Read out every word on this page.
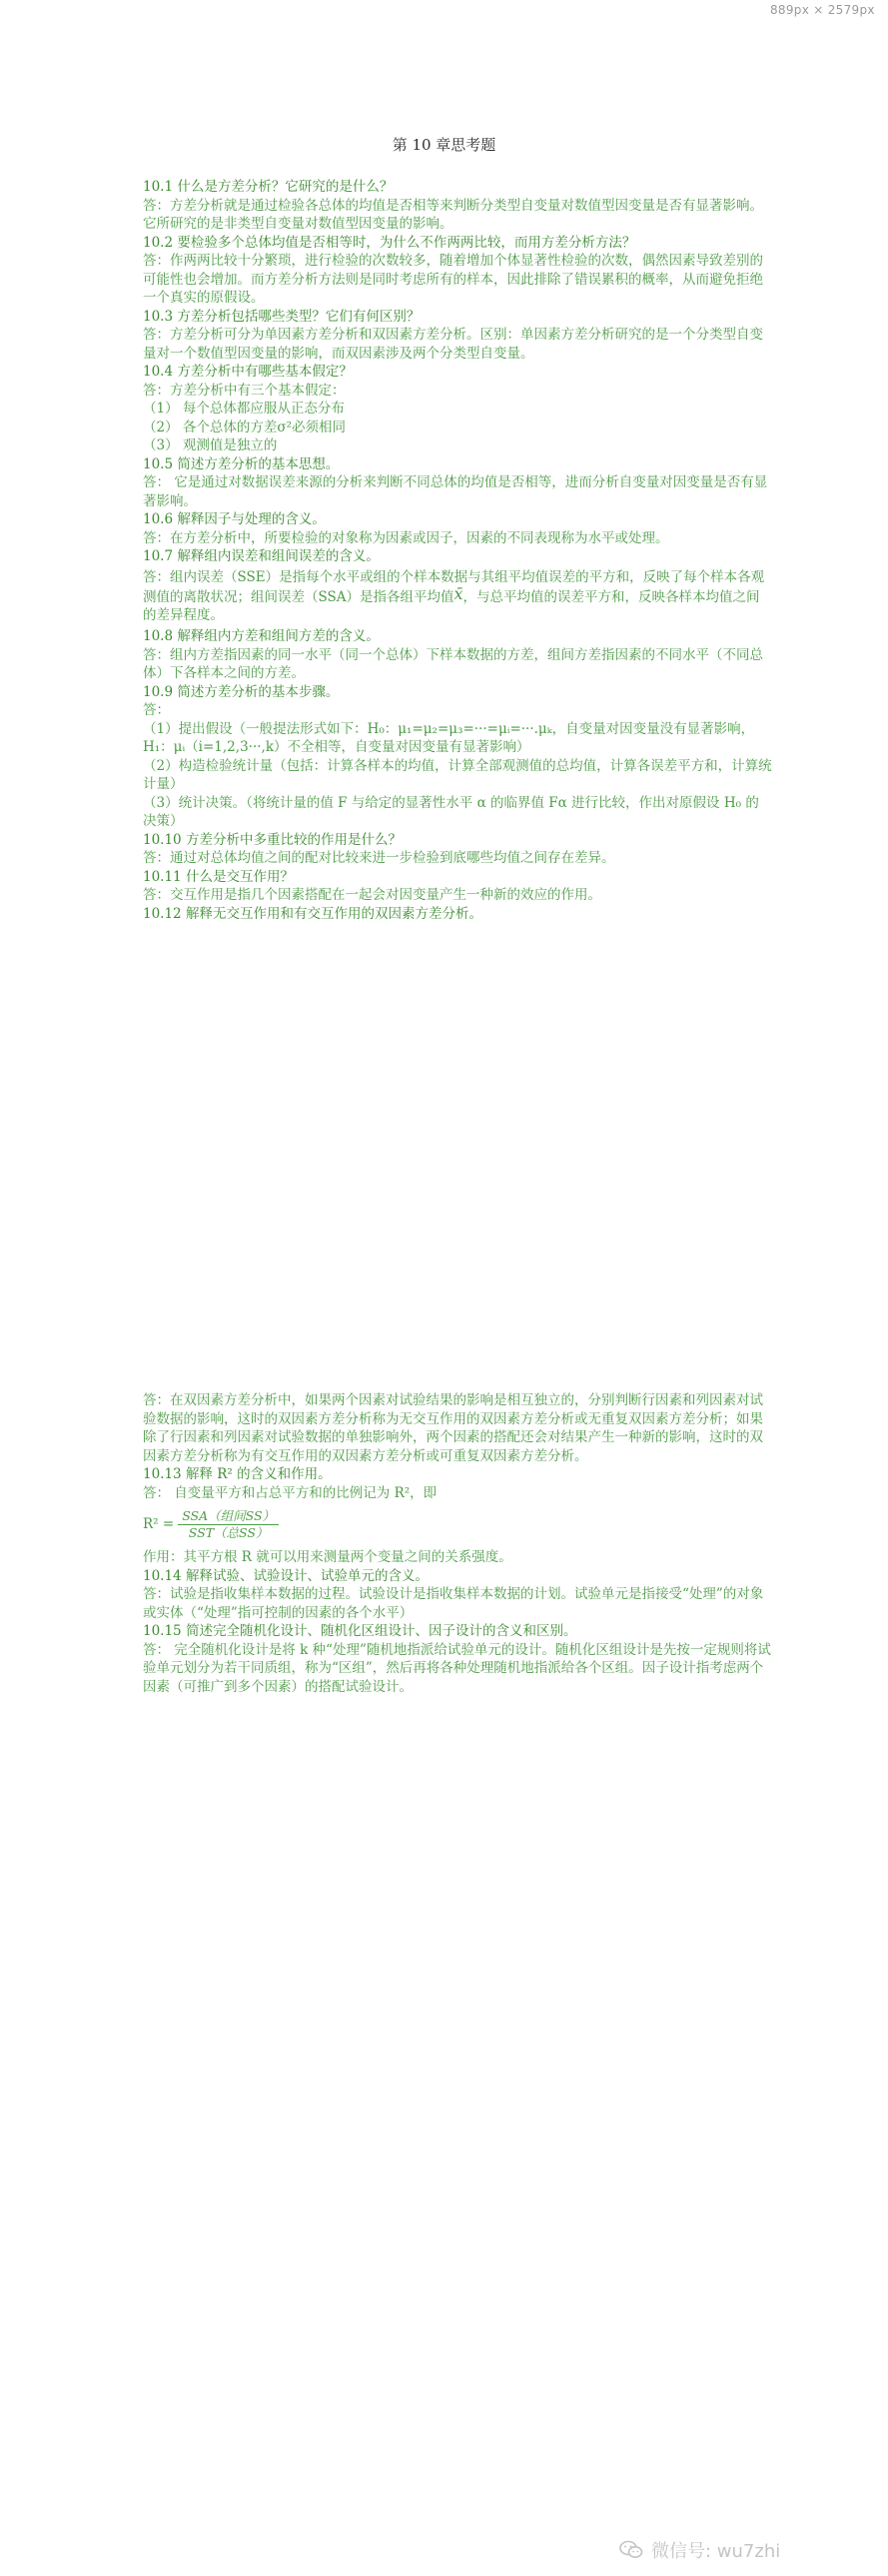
889px × 2579px
第 10 章思考题

10.1 什么是方差分析？它研究的是什么？

答：方差分析就是通过检验各总体的均值是否相等来判断分类型自变量对数值型因变量是否有显著影响。它所研究的是非类型自变量对数值型因变量的影响。

10.2 要检验多个总体均值是否相等时，为什么不作两两比较，而用方差分析方法？

答：作两两比较十分繁琐，进行检验的次数较多，随着增加个体显著性检验的次数，偶然因素导致差别的可能性也会增加。而方差分析方法则是同时考虑所有的样本，因此排除了错误累积的概率，从而避免拒绝一个真实的原假设。

10.3 方差分析包括哪些类型？它们有何区别？

答：方差分析可分为单因素方差分析和双因素方差分析。区别：单因素方差分析研究的是一个分类型自变量对一个数值型因变量的影响，而双因素涉及两个分类型自变量。

10.4 方差分析中有哪些基本假定？

答：方差分析中有三个基本假定：

（1） 每个总体都应服从正态分布

（2） 各个总体的方差σ²必须相同

（3） 观测值是独立的

10.5 简述方差分析的基本思想。

答： 它是通过对数据误差来源的分析来判断不同总体的均值是否相等，进而分析自变量对因变量是否有显著影响。

10.6 解释因子与处理的含义。

答：在方差分析中，所要检验的对象称为因素或因子，因素的不同表现称为水平或处理。

10.7 解释组内误差和组间误差的含义。

答：组内误差（SSE）是指每个水平或组的个样本数据与其组平均值误差的平方和，反映了每个样本各观测值的离散状况；组间误差（SSA）是指各组平均值x̄，与总平均值的误差平方和，反映各样本均值之间的差异程度。

10.8 解释组内方差和组间方差的含义。

答：组内方差指因素的同一水平（同一个总体）下样本数据的方差，组间方差指因素的不同水平（不同总体）下各样本之间的方差。

10.9 简述方差分析的基本步骤。

答：

（1）提出假设（一般提法形式如下：H₀：μ₁=μ₂=μ₃=···=μᵢ=···.μₖ，自变量对因变量没有显著影响，H₁：μᵢ（i=1,2,3···,k）不全相等，自变量对因变量有显著影响）

（2）构造检验统计量（包括：计算各样本的均值，计算全部观测值的总均值，计算各误差平方和，计算统计量）

（3）统计决策。（将统计量的值 F 与给定的显著性水平 α 的临界值 Fα 进行比较，作出对原假设 H₀ 的决策）

10.10 方差分析中多重比较的作用是什么？

答：通过对总体均值之间的配对比较来进一步检验到底哪些均值之间存在差异。

10.11 什么是交互作用？

答：交互作用是指几个因素搭配在一起会对因变量产生一种新的效应的作用。

10.12 解释无交互作用和有交互作用的双因素方差分析。

答：在双因素方差分析中，如果两个因素对试验结果的影响是相互独立的，分别判断行因素和列因素对试验数据的影响，这时的双因素方差分析称为无交互作用的双因素方差分析或无重复双因素方差分析；如果除了行因素和列因素对试验数据的单独影响外，两个因素的搭配还会对结果产生一种新的影响，这时的双因素方差分析称为有交互作用的双因素方差分析或可重复双因素方差分析。

10.13 解释 R² 的含义和作用。

答： 自变量平方和占总平方和的比例记为 R²，即

$R^2 = \frac{\text{SSA（组间SS）}}{\text{SST（总SS）}}$

作用：其平方根 R 就可以用来测量两个变量之间的关系强度。

10.14 解释试验、试验设计、试验单元的含义。

答：试验是指收集样本数据的过程。试验设计是指收集样本数据的计划。试验单元是指接受“处理”的对象或实体（“处理”指可控制的因素的各个水平）

10.15 简述完全随机化设计、随机化区组设计、因子设计的含义和区别。

答： 完全随机化设计是将 k 种“处理”随机地指派给试验单元的设计。随机化区组设计是先按一定规则将试验单元划分为若干同质组，称为“区组”，然后再将各种处理随机地指派给各个区组。因子设计指考虑两个因素（可推广到多个因素）的搭配试验设计。

微信号: wu7zhi
